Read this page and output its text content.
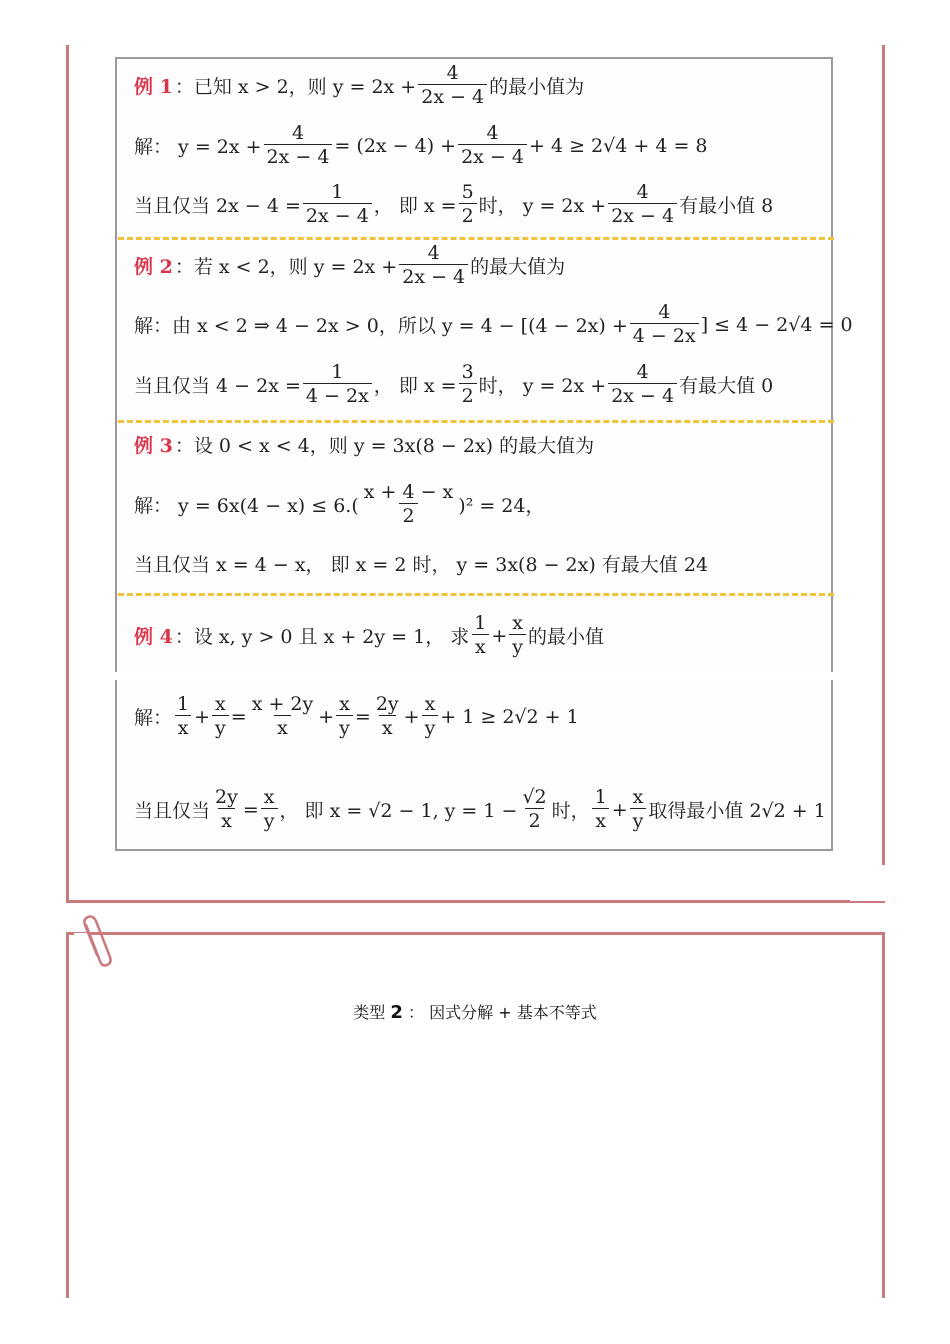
例 1 ：已知 x > 2，则 $y = 2x + \frac{4}{2x - 4}$ 的最小值为
解： $y = 2x + \frac{4}{2x - 4} = (2x - 4) + \frac{4}{2x - 4} + 4 \ge 2√4 + 4 = 8$
当且仅当 $2x - 4 = \frac{1}{2x - 4}$ ， 即 $x = \frac{5}{2}$ 时， $y = 2x + \frac{4}{2x - 4}$ 有最小值 8
例 2 ：若 x < 2，则 $y = 2x + \frac{4}{2x - 4}$ 的最大值为
解：由 x < 2 ⇒ 4 − 2x > 0，所以 $y = 4 - [(4 - 2x) + \frac{4}{4 - 2x}$ ] ≤ 4 − 2√4 = 0
当且仅当 $4 - 2x = \frac{1}{4 - 2x}$ ， 即 $x = \frac{3}{2}$ 时， $y = 2x + \frac{4}{2x - 4}$ 有最大值 0
例 3 ：设 0 < x < 4，则 y = 3x(8 − 2x) 的最大值为
解： $y = 6x(4 - x) \le 6.( \frac{x + 4 - x}{2} )^2 = 24$，
当且仅当 x = 4 − x， 即 x = 2 时， y = 3x(8 − 2x) 有最大值 24
例 4 ：设 x, y > 0 且 x + 2y = 1， 求 $\frac{1}{x} + \frac{x}{y}$ 的最小值
解： $\frac{1}{x} + \frac{x}{y} = \frac{x + 2y}{x} + \frac{x}{y} = \frac{2y}{x} + \frac{x}{y} + 1 \ge 2√2 + 1$
当且仅当 $\frac{2y}{x} = \frac{x}{y}$ ， 即 x = √2 − 1, $y = 1 - \frac{√2}{2}$ 时， $\frac{1}{x} + \frac{x}{y}$ 取得最小值 2√2 + 1
类型 2 ： 因式分解 + 基本不等式
